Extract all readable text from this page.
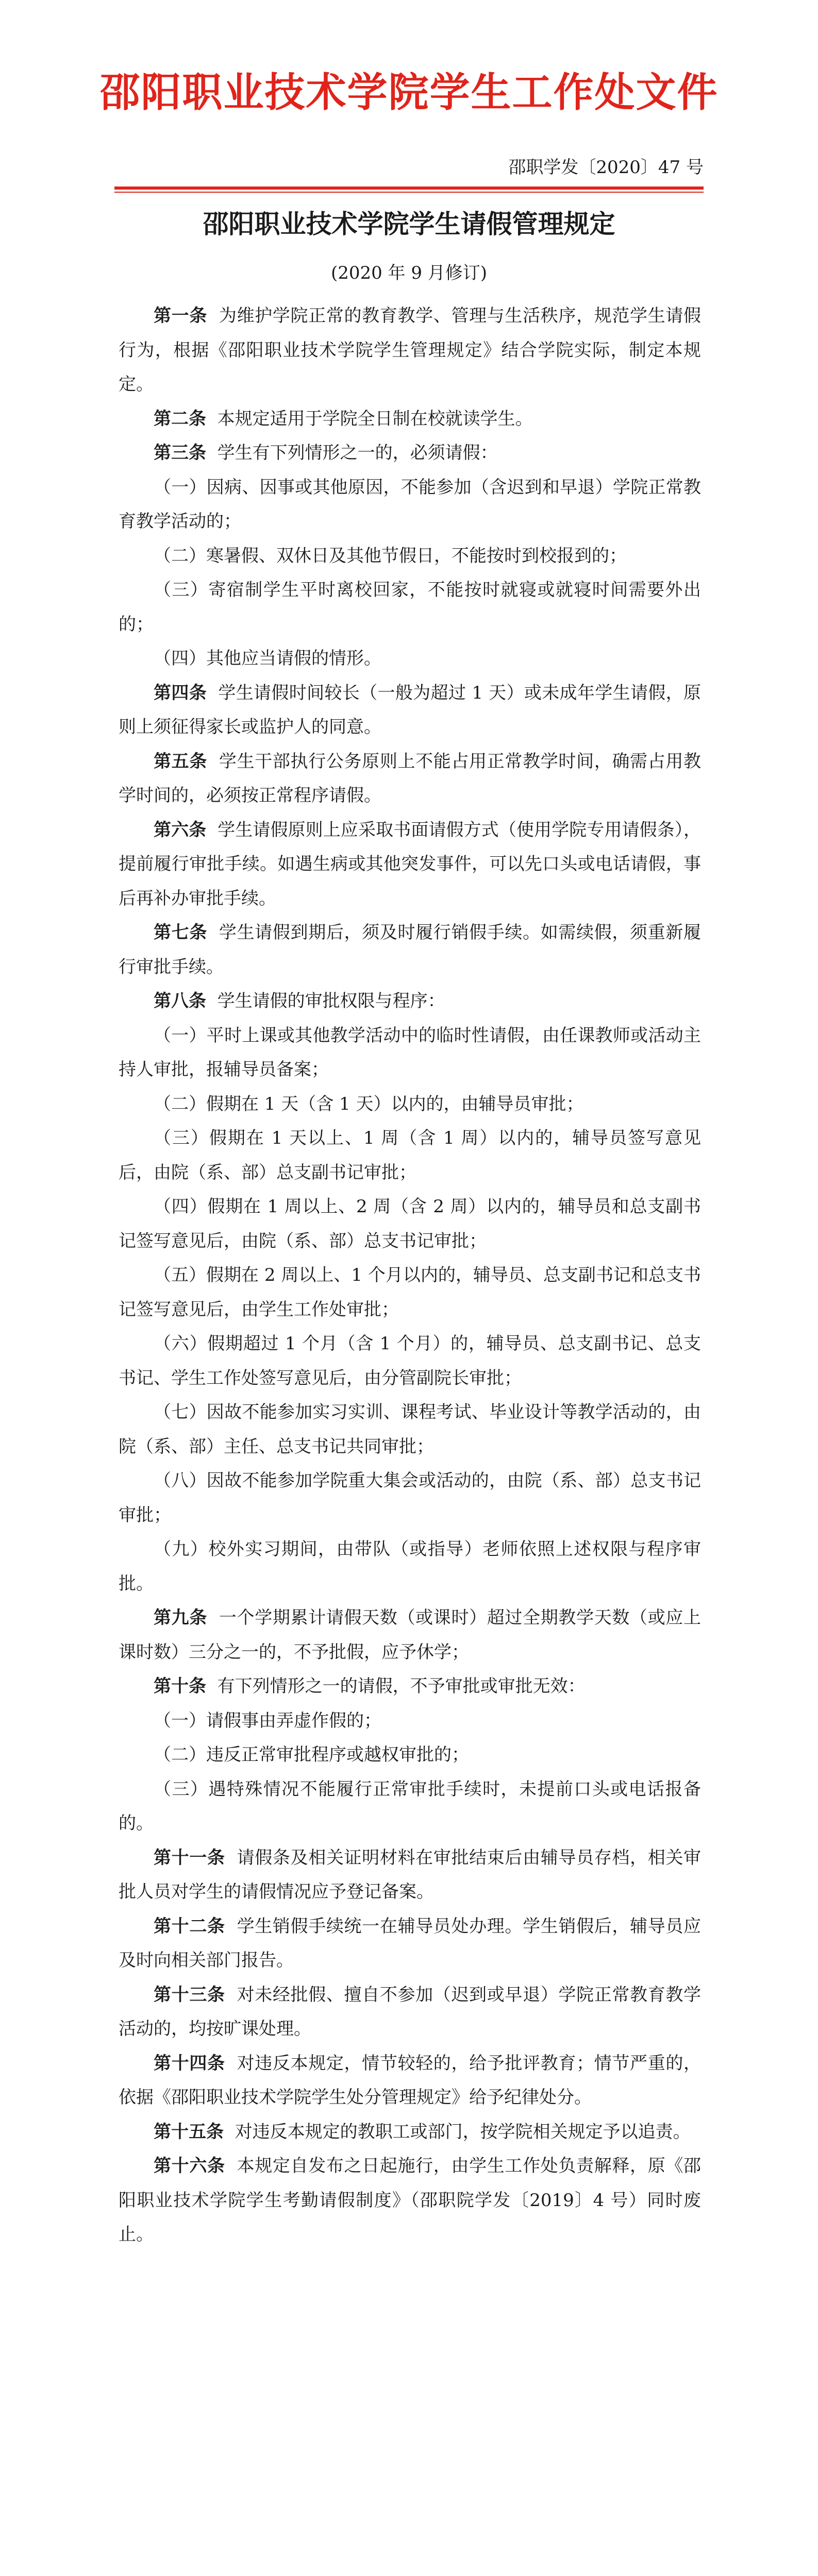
邵阳职业技术学院学生工作处文件
邵职学发〔2020〕47 号
邵阳职业技术学院学生请假管理规定
(2020 年 9 月修订)

第一条 为维护学院正常的教育教学、管理与生活秩序，规范学生请假行为，根据《邵阳职业技术学院学生管理规定》结合学院实际，制定本规定。

第二条 本规定适用于学院全日制在校就读学生。

第三条 学生有下列情形之一的，必须请假：

（一）因病、因事或其他原因，不能参加（含迟到和早退）学院正常教育教学活动的；

（二）寒暑假、双休日及其他节假日，不能按时到校报到的；

（三）寄宿制学生平时离校回家，不能按时就寝或就寝时间需要外出的；

（四）其他应当请假的情形。

第四条 学生请假时间较长（一般为超过 1 天）或未成年学生请假，原则上须征得家长或监护人的同意。

第五条 学生干部执行公务原则上不能占用正常教学时间，确需占用教学时间的，必须按正常程序请假。

第六条 学生请假原则上应采取书面请假方式（使用学院专用请假条），提前履行审批手续。如遇生病或其他突发事件，可以先口头或电话请假，事后再补办审批手续。

第七条 学生请假到期后，须及时履行销假手续。如需续假，须重新履行审批手续。

第八条 学生请假的审批权限与程序：

（一）平时上课或其他教学活动中的临时性请假，由任课教师或活动主持人审批，报辅导员备案；

（二）假期在 1 天（含 1 天）以内的，由辅导员审批；

（三）假期在 1 天以上、1 周（含 1 周）以内的，辅导员签写意见后，由院（系、部）总支副书记审批；

（四）假期在 1 周以上、2 周（含 2 周）以内的，辅导员和总支副书记签写意见后，由院（系、部）总支书记审批；

（五）假期在 2 周以上、1 个月以内的，辅导员、总支副书记和总支书记签写意见后，由学生工作处审批；

（六）假期超过 1 个月（含 1 个月）的，辅导员、总支副书记、总支书记、学生工作处签写意见后，由分管副院长审批；

（七）因故不能参加实习实训、课程考试、毕业设计等教学活动的，由院（系、部）主任、总支书记共同审批；

（八）因故不能参加学院重大集会或活动的，由院（系、部）总支书记审批；

（九）校外实习期间，由带队（或指导）老师依照上述权限与程序审批。

第九条 一个学期累计请假天数（或课时）超过全期教学天数（或应上课时数）三分之一的，不予批假，应予休学；

第十条 有下列情形之一的请假，不予审批或审批无效：

（一）请假事由弄虚作假的；

（二）违反正常审批程序或越权审批的；

（三）遇特殊情况不能履行正常审批手续时，未提前口头或电话报备的。

第十一条 请假条及相关证明材料在审批结束后由辅导员存档，相关审批人员对学生的请假情况应予登记备案。

第十二条 学生销假手续统一在辅导员处办理。学生销假后，辅导员应及时向相关部门报告。

第十三条 对未经批假、擅自不参加（迟到或早退）学院正常教育教学活动的，均按旷课处理。

第十四条 对违反本规定，情节较轻的，给予批评教育；情节严重的，依据《邵阳职业技术学院学生处分管理规定》给予纪律处分。

第十五条 对违反本规定的教职工或部门，按学院相关规定予以追责。

第十六条 本规定自发布之日起施行，由学生工作处负责解释，原《邵阳职业技术学院学生考勤请假制度》（邵职院学发〔2019〕4 号）同时废止。
